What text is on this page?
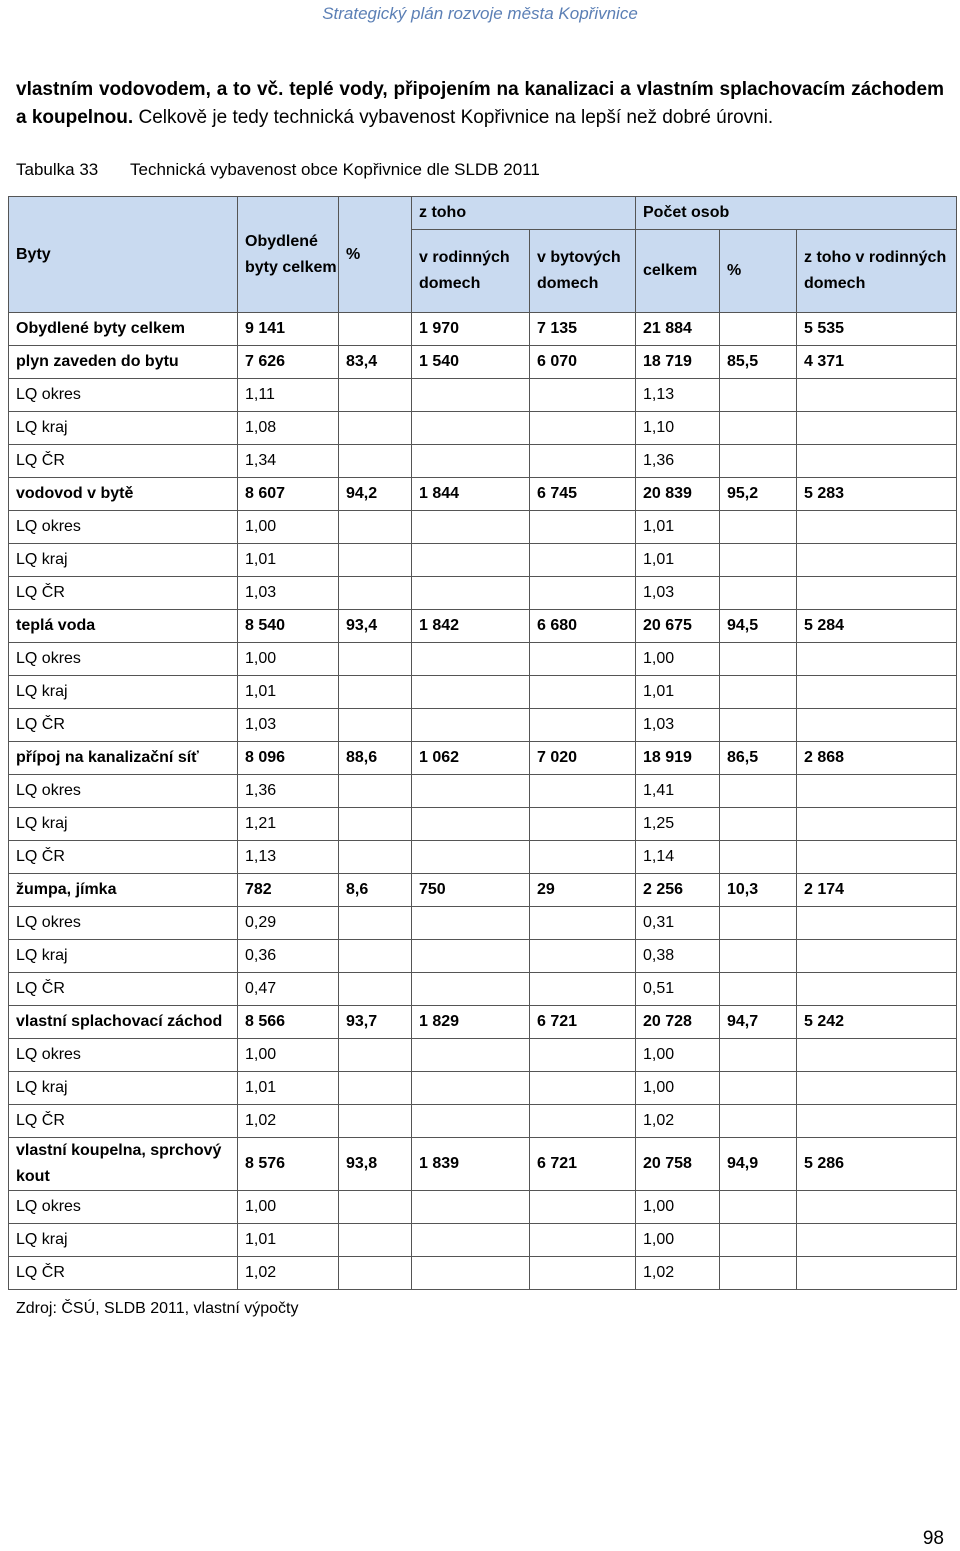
Strategický plán rozvoje města Kopřivnice
vlastním vodovodem, a to vč. teplé vody, připojením na kanalizaci a vlastním splachovacím záchodem a koupelnou. Celkově je tedy technická vybavenost Kopřivnice na lepší než dobré úrovni.
Tabulka 33 Technická vybavenost obce Kopřivnice dle SLDB 2011
Byty	Obydlené byty celkem	%	z toho		Počet osob		
			v rodinných domech	v bytových domech	celkem	%	z toho v rodinných domech
Obydlené byty celkem	9 141		1 970	7 135	21 884		5 535
plyn zaveden do bytu	7 626	83,4	1 540	6 070	18 719	85,5	4 371
LQ okres	1,11				1,13		
LQ kraj	1,08				1,10		
LQ ČR	1,34				1,36		
vodovod v bytě	8 607	94,2	1 844	6 745	20 839	95,2	5 283
LQ okres	1,00				1,01		
LQ kraj	1,01				1,01		
LQ ČR	1,03				1,03		
teplá voda	8 540	93,4	1 842	6 680	20 675	94,5	5 284
LQ okres	1,00				1,00		
LQ kraj	1,01				1,01		
LQ ČR	1,03				1,03		
přípoj na kanalizační síť	8 096	88,6	1 062	7 020	18 919	86,5	2 868
LQ okres	1,36				1,41		
LQ kraj	1,21				1,25		
LQ ČR	1,13				1,14		
žumpa, jímka	782	8,6	750	29	2 256	10,3	2 174
LQ okres	0,29				0,31		
LQ kraj	0,36				0,38		
LQ ČR	0,47				0,51		
vlastní splachovací záchod	8 566	93,7	1 829	6 721	20 728	94,7	5 242
LQ okres	1,00				1,00		
LQ kraj	1,01				1,00		
LQ ČR	1,02				1,02		
vlastní koupelna, sprchový kout	8 576	93,8	1 839	6 721	20 758	94,9	5 286
LQ okres	1,00				1,00		
LQ kraj	1,01				1,00		
LQ ČR	1,02				1,02		
Zdroj: ČSÚ, SLDB 2011, vlastní výpočty
98
